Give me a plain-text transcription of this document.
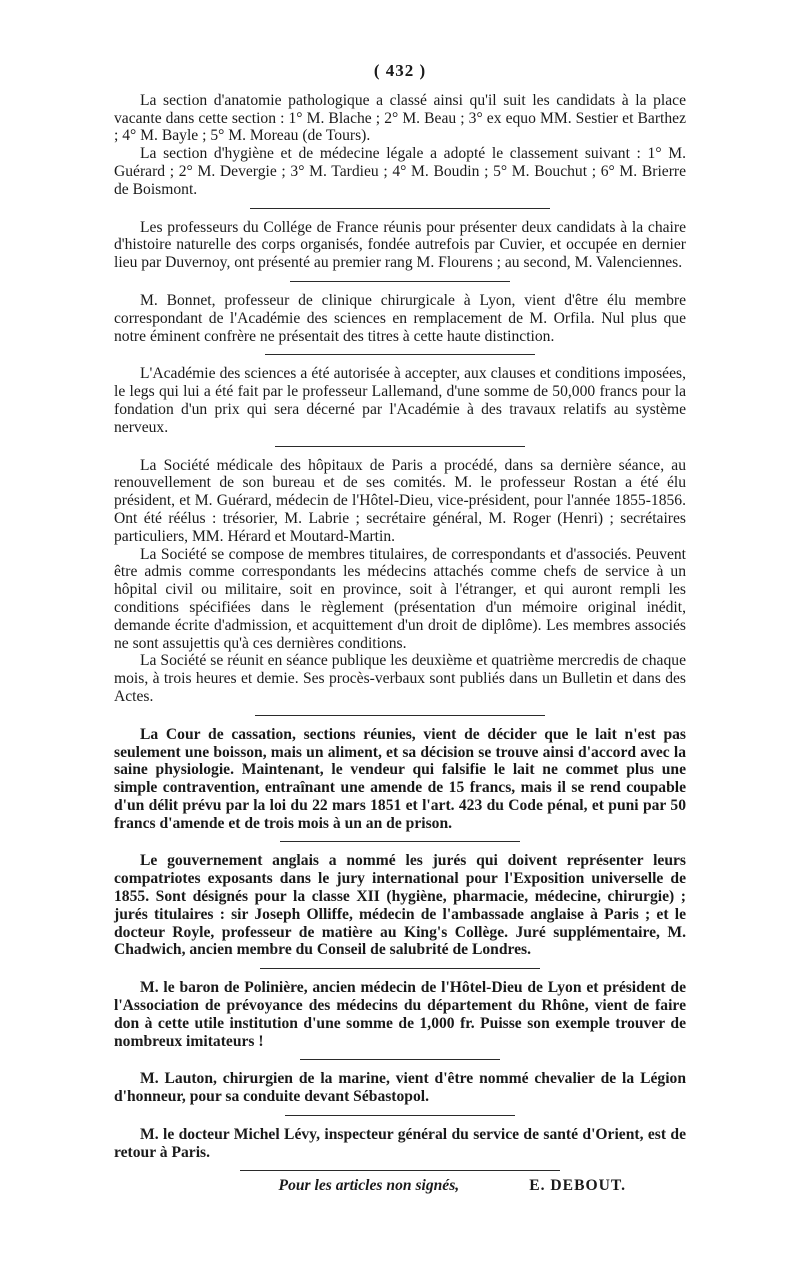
( 432 )

La section d'anatomie pathologique a classé ainsi qu'il suit les candidats à la place vacante dans cette section : 1° M. Blache ; 2° M. Beau ; 3° ex equo MM. Sestier et Barthez ; 4° M. Bayle ; 5° M. Moreau (de Tours).

La section d'hygiène et de médecine légale a adopté le classement suivant : 1° M. Guérard ; 2° M. Devergie ; 3° M. Tardieu ; 4° M. Boudin ; 5° M. Bouchut ; 6° M. Brierre de Boismont.

Les professeurs du Collége de France réunis pour présenter deux candidats à la chaire d'histoire naturelle des corps organisés, fondée autrefois par Cuvier, et occupée en dernier lieu par Duvernoy, ont présenté au premier rang M. Flourens ; au second, M. Valenciennes.

M. Bonnet, professeur de clinique chirurgicale à Lyon, vient d'être élu membre correspondant de l'Académie des sciences en remplacement de M. Orfila. Nul plus que notre éminent confrère ne présentait des titres à cette haute distinction.

L'Académie des sciences a été autorisée à accepter, aux clauses et conditions imposées, le legs qui lui a été fait par le professeur Lallemand, d'une somme de 50,000 francs pour la fondation d'un prix qui sera décerné par l'Académie à des travaux relatifs au système nerveux.

La Société médicale des hôpitaux de Paris a procédé, dans sa dernière séance, au renouvellement de son bureau et de ses comités. M. le professeur Rostan a été élu président, et M. Guérard, médecin de l'Hôtel-Dieu, vice-président, pour l'année 1855-1856. Ont été réélus : trésorier, M. Labrie ; secrétaire général, M. Roger (Henri) ; secrétaires particuliers, MM. Hérard et Moutard-Martin.

La Société se compose de membres titulaires, de correspondants et d'associés. Peuvent être admis comme correspondants les médecins attachés comme chefs de service à un hôpital civil ou militaire, soit en province, soit à l'étranger, et qui auront rempli les conditions spécifiées dans le règlement (présentation d'un mémoire original inédit, demande écrite d'admission, et acquittement d'un droit de diplôme). Les membres associés ne sont assujettis qu'à ces dernières conditions.

La Société se réunit en séance publique les deuxième et quatrième mercredis de chaque mois, à trois heures et demie. Ses procès-verbaux sont publiés dans un Bulletin et dans des Actes.

La Cour de cassation, sections réunies, vient de décider que le lait n'est pas seulement une boisson, mais un aliment, et sa décision se trouve ainsi d'accord avec la saine physiologie. Maintenant, le vendeur qui falsifie le lait ne commet plus une simple contravention, entraînant une amende de 15 francs, mais il se rend coupable d'un délit prévu par la loi du 22 mars 1851 et l'art. 423 du Code pénal, et puni par 50 francs d'amende et de trois mois à un an de prison.

Le gouvernement anglais a nommé les jurés qui doivent représenter leurs compatriotes exposants dans le jury international pour l'Exposition universelle de 1855. Sont désignés pour la classe XII (hygiène, pharmacie, médecine, chirurgie) ; jurés titulaires : sir Joseph Olliffe, médecin de l'ambassade anglaise à Paris ; et le docteur Royle, professeur de matière au King's Collège. Juré supplémentaire, M. Chadwich, ancien membre du Conseil de salubrité de Londres.

M. le baron de Polinière, ancien médecin de l'Hôtel-Dieu de Lyon et président de l'Association de prévoyance des médecins du département du Rhône, vient de faire don à cette utile institution d'une somme de 1,000 fr. Puisse son exemple trouver de nombreux imitateurs !

M. Lauton, chirurgien de la marine, vient d'être nommé chevalier de la Légion d'honneur, pour sa conduite devant Sébastopol.

M. le docteur Michel Lévy, inspecteur général du service de santé d'Orient, est de retour à Paris.

Pour les articles non signés,	E. DEBOUT.
